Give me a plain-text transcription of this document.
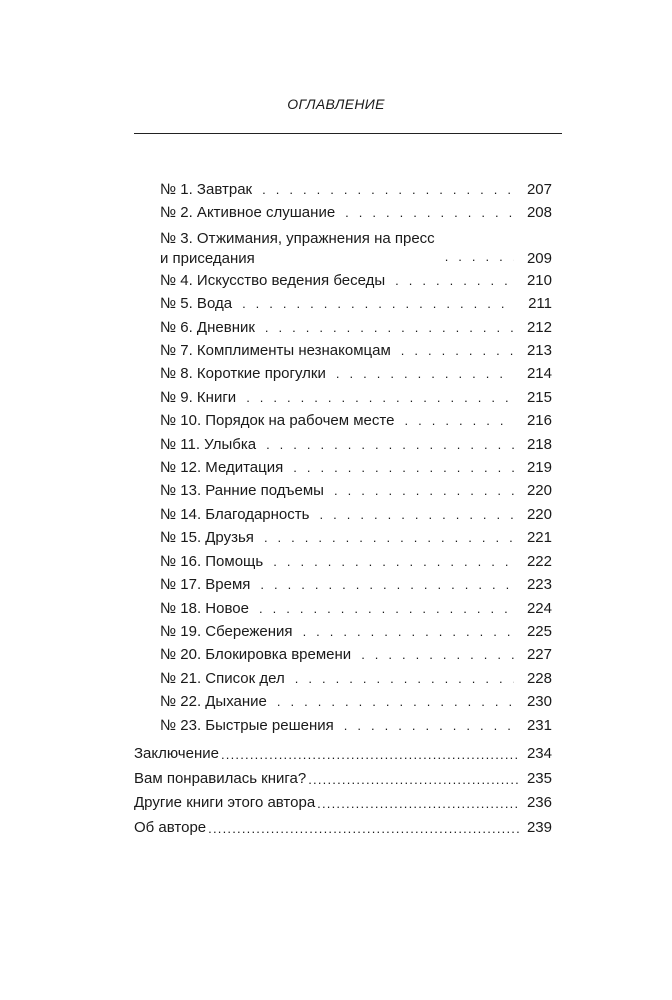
ОГЛАВЛЕНИЕ
№ 1. Завтрак . . .	207
№ 2. Активное слушание . . .	208
№ 3. Отжимания, упражнения на пресс
и приседания . . .	209
№ 4. Искусство ведения беседы . . .	210
№ 5. Вода . . .	211
№ 6. Дневник . . .	212
№ 7. Комплименты незнакомцам . . .	213
№ 8. Короткие прогулки . . .	214
№ 9. Книги . . .	215
№ 10. Порядок на рабочем месте . . .	216
№ 11. Улыбка . . .	218
№ 12. Медитация . . .	219
№ 13. Ранние подъемы . . .	220
№ 14. Благодарность . . .	220
№ 15. Друзья . . .	221
№ 16. Помощь . . .	222
№ 17. Время . . .	223
№ 18. Новое . . .	224
№ 19. Сбережения . . .	225
№ 20. Блокировка времени . . .	227
№ 21. Список дел . . .	228
№ 22. Дыхание . . .	230
№ 23. Быстрые решения . . .	231
Заключение .....	234
Вам понравилась книга? .....	235
Другие книги этого автора .....	236
Об авторе .....	239
